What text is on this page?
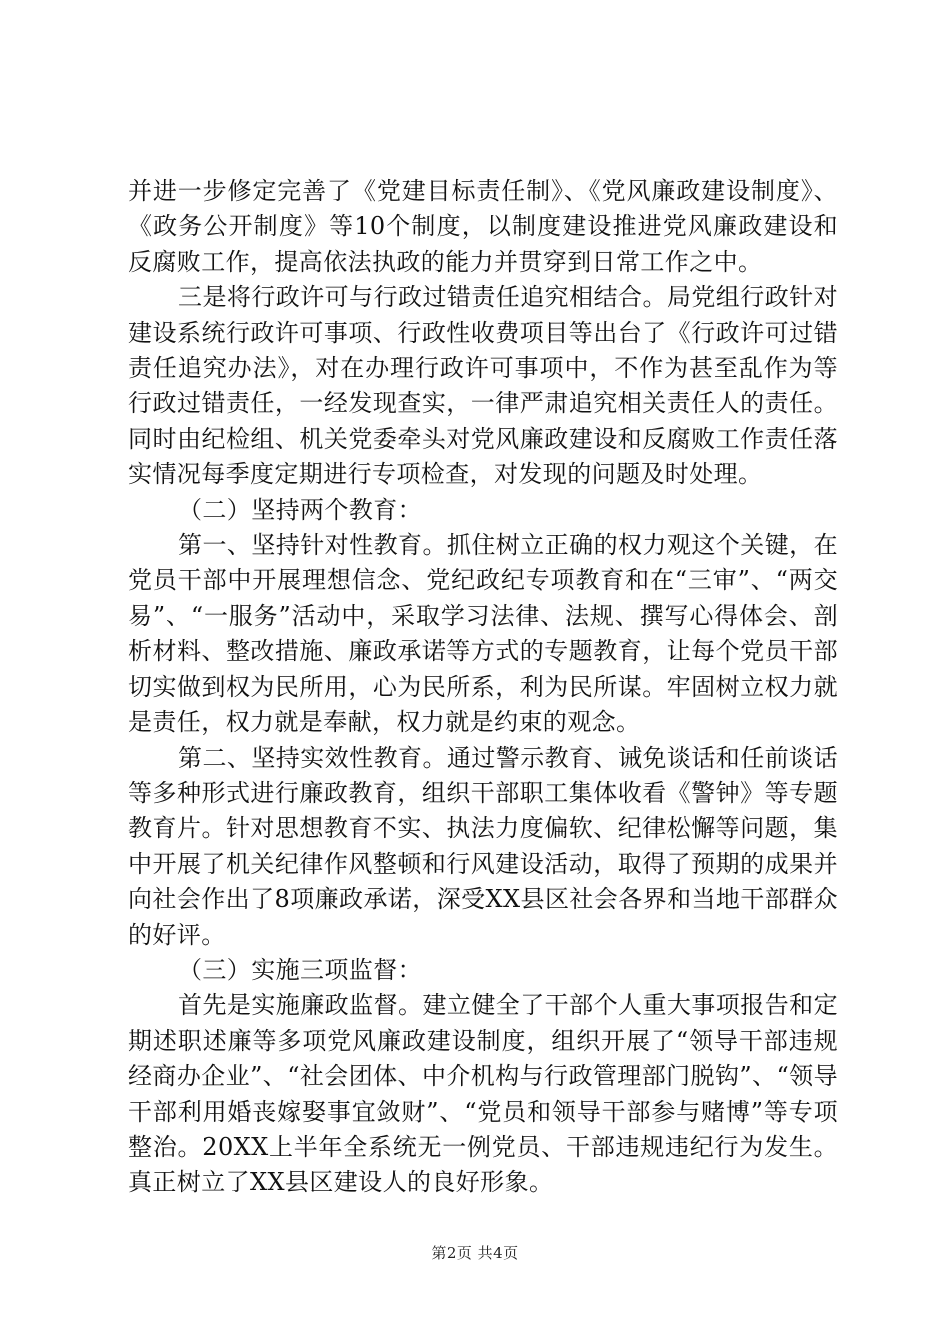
并进一步修定完善了《党建目标责任制》、《党风廉政建设制度》、《政务公开制度》等10个制度，以制度建设推进党风廉政建设和反腐败工作，提高依法执政的能力并贯穿到日常工作之中。

三是将行政许可与行政过错责任追究相结合。局党组行政针对建设系统行政许可事项、行政性收费项目等出台了《行政许可过错责任追究办法》，对在办理行政许可事项中，不作为甚至乱作为等行政过错责任，一经发现查实，一律严肃追究相关责任人的责任。同时由纪检组、机关党委牵头对党风廉政建设和反腐败工作责任落实情况每季度定期进行专项检查，对发现的问题及时处理。

（二）坚持两个教育：

第一、坚持针对性教育。抓住树立正确的权力观这个关键，在党员干部中开展理想信念、党纪政纪专项教育和在“三审”、“两交易”、“一服务”活动中，采取学习法律、法规、撰写心得体会、剖析材料、整改措施、廉政承诺等方式的专题教育，让每个党员干部切实做到权为民所用，心为民所系，利为民所谋。牢固树立权力就是责任，权力就是奉献，权力就是约束的观念。

第二、坚持实效性教育。通过警示教育、诫免谈话和任前谈话等多种形式进行廉政教育，组织干部职工集体收看《警钟》等专题教育片。针对思想教育不实、执法力度偏软、纪律松懈等问题，集中开展了机关纪律作风整顿和行风建设活动，取得了预期的成果并向社会作出了8项廉政承诺，深受XX县区社会各界和当地干部群众的好评。

（三）实施三项监督：

首先是实施廉政监督。建立健全了干部个人重大事项报告和定期述职述廉等多项党风廉政建设制度，组织开展了“领导干部违规经商办企业”、“社会团体、中介机构与行政管理部门脱钩”、“领导干部利用婚丧嫁娶事宜敛财”、“党员和领导干部参与赌博”等专项整治。20XX上半年全系统无一例党员、干部违规违纪行为发生。真正树立了XX县区建设人的良好形象。

第2页 共4页
